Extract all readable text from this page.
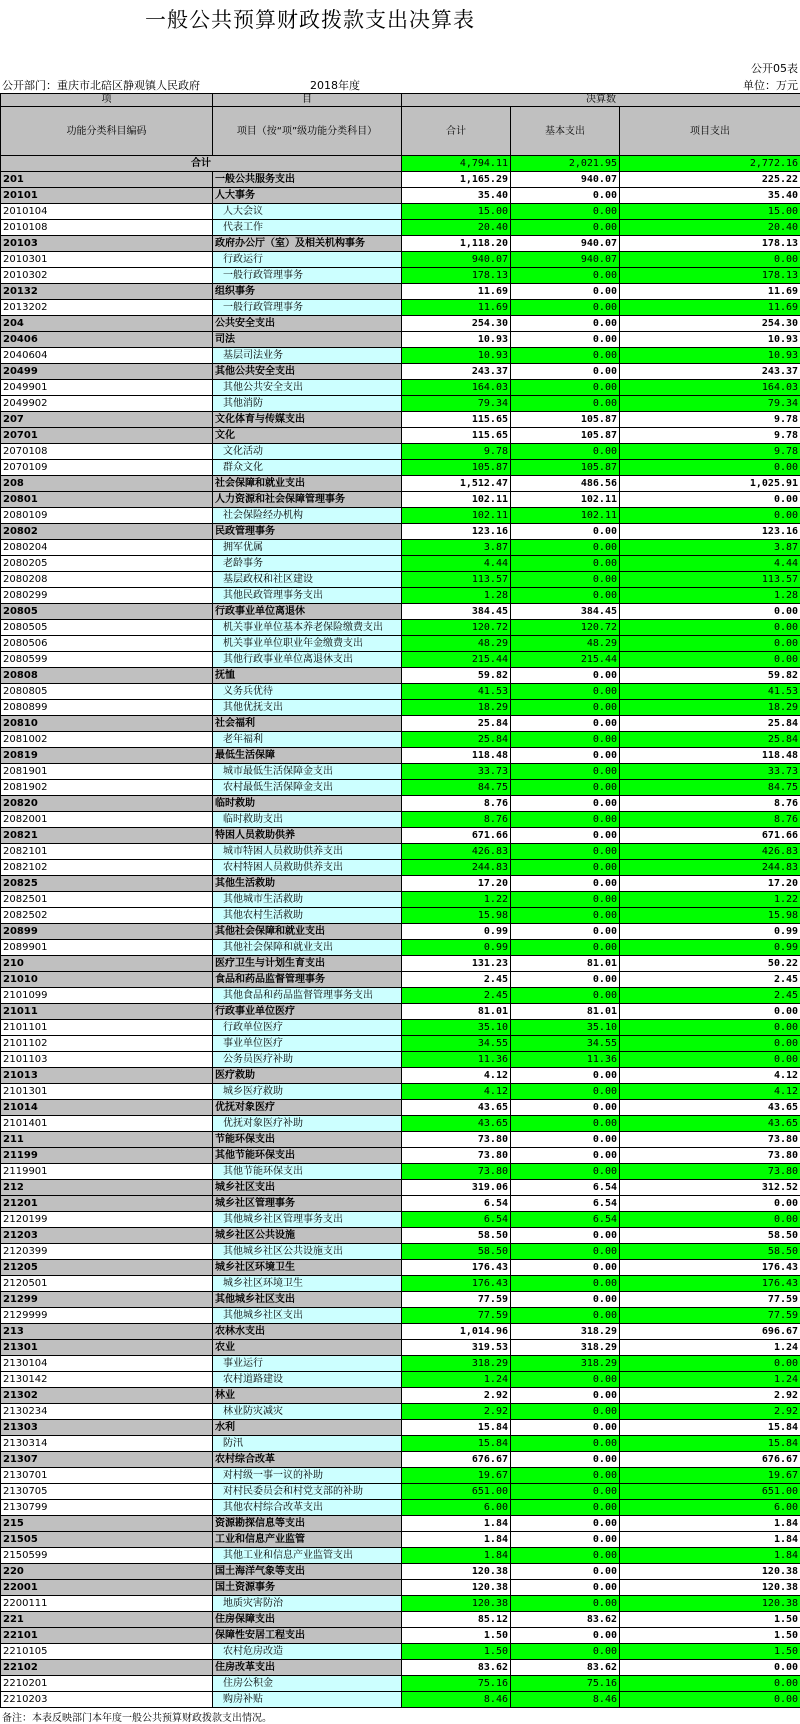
一般公共预算财政拨款支出决算表
公开05表
公开部门：重庆市北碚区静观镇人民政府	2018年度	单位：万元
项	目	决算数		
功能分类科目编码	项目（按“项”级功能分类科目）	合计	基本支出	项目支出
合计		4,794.11	2,021.95	2,772.16
201	一般公共服务支出	1,165.29	940.07	225.22
20101	人大事务	35.40	0.00	35.40
2010104	人大会议	15.00	0.00	15.00
2010108	代表工作	20.40	0.00	20.40
20103	政府办公厅（室）及相关机构事务	1,118.20	940.07	178.13
2010301	行政运行	940.07	940.07	0.00
2010302	一般行政管理事务	178.13	0.00	178.13
20132	组织事务	11.69	0.00	11.69
2013202	一般行政管理事务	11.69	0.00	11.69
204	公共安全支出	254.30	0.00	254.30
20406	司法	10.93	0.00	10.93
2040604	基层司法业务	10.93	0.00	10.93
20499	其他公共安全支出	243.37	0.00	243.37
2049901	其他公共安全支出	164.03	0.00	164.03
2049902	其他消防	79.34	0.00	79.34
207	文化体育与传媒支出	115.65	105.87	9.78
20701	文化	115.65	105.87	9.78
2070108	文化活动	9.78	0.00	9.78
2070109	群众文化	105.87	105.87	0.00
208	社会保障和就业支出	1,512.47	486.56	1,025.91
20801	人力资源和社会保障管理事务	102.11	102.11	0.00
2080109	社会保险经办机构	102.11	102.11	0.00
20802	民政管理事务	123.16	0.00	123.16
2080204	拥军优属	3.87	0.00	3.87
2080205	老龄事务	4.44	0.00	4.44
2080208	基层政权和社区建设	113.57	0.00	113.57
2080299	其他民政管理事务支出	1.28	0.00	1.28
20805	行政事业单位离退休	384.45	384.45	0.00
2080505	机关事业单位基本养老保险缴费支出	120.72	120.72	0.00
2080506	机关事业单位职业年金缴费支出	48.29	48.29	0.00
2080599	其他行政事业单位离退休支出	215.44	215.44	0.00
20808	抚恤	59.82	0.00	59.82
2080805	义务兵优待	41.53	0.00	41.53
2080899	其他优抚支出	18.29	0.00	18.29
20810	社会福利	25.84	0.00	25.84
2081002	老年福利	25.84	0.00	25.84
20819	最低生活保障	118.48	0.00	118.48
2081901	城市最低生活保障金支出	33.73	0.00	33.73
2081902	农村最低生活保障金支出	84.75	0.00	84.75
20820	临时救助	8.76	0.00	8.76
2082001	临时救助支出	8.76	0.00	8.76
20821	特困人员救助供养	671.66	0.00	671.66
2082101	城市特困人员救助供养支出	426.83	0.00	426.83
2082102	农村特困人员救助供养支出	244.83	0.00	244.83
20825	其他生活救助	17.20	0.00	17.20
2082501	其他城市生活救助	1.22	0.00	1.22
2082502	其他农村生活救助	15.98	0.00	15.98
20899	其他社会保障和就业支出	0.99	0.00	0.99
2089901	其他社会保障和就业支出	0.99	0.00	0.99
210	医疗卫生与计划生育支出	131.23	81.01	50.22
21010	食品和药品监督管理事务	2.45	0.00	2.45
2101099	其他食品和药品监督管理事务支出	2.45	0.00	2.45
21011	行政事业单位医疗	81.01	81.01	0.00
2101101	行政单位医疗	35.10	35.10	0.00
2101102	事业单位医疗	34.55	34.55	0.00
2101103	公务员医疗补助	11.36	11.36	0.00
21013	医疗救助	4.12	0.00	4.12
2101301	城乡医疗救助	4.12	0.00	4.12
21014	优抚对象医疗	43.65	0.00	43.65
2101401	优抚对象医疗补助	43.65	0.00	43.65
211	节能环保支出	73.80	0.00	73.80
21199	其他节能环保支出	73.80	0.00	73.80
2119901	其他节能环保支出	73.80	0.00	73.80
212	城乡社区支出	319.06	6.54	312.52
21201	城乡社区管理事务	6.54	6.54	0.00
2120199	其他城乡社区管理事务支出	6.54	6.54	0.00
21203	城乡社区公共设施	58.50	0.00	58.50
2120399	其他城乡社区公共设施支出	58.50	0.00	58.50
21205	城乡社区环境卫生	176.43	0.00	176.43
2120501	城乡社区环境卫生	176.43	0.00	176.43
21299	其他城乡社区支出	77.59	0.00	77.59
2129999	其他城乡社区支出	77.59	0.00	77.59
213	农林水支出	1,014.96	318.29	696.67
21301	农业	319.53	318.29	1.24
2130104	事业运行	318.29	318.29	0.00
2130142	农村道路建设	1.24	0.00	1.24
21302	林业	2.92	0.00	2.92
2130234	林业防灾减灾	2.92	0.00	2.92
21303	水利	15.84	0.00	15.84
2130314	防汛	15.84	0.00	15.84
21307	农村综合改革	676.67	0.00	676.67
2130701	对村级一事一议的补助	19.67	0.00	19.67
2130705	对村民委员会和村党支部的补助	651.00	0.00	651.00
2130799	其他农村综合改革支出	6.00	0.00	6.00
215	资源勘探信息等支出	1.84	0.00	1.84
21505	工业和信息产业监管	1.84	0.00	1.84
2150599	其他工业和信息产业监管支出	1.84	0.00	1.84
220	国土海洋气象等支出	120.38	0.00	120.38
22001	国土资源事务	120.38	0.00	120.38
2200111	地质灾害防治	120.38	0.00	120.38
221	住房保障支出	85.12	83.62	1.50
22101	保障性安居工程支出	1.50	0.00	1.50
2210105	农村危房改造	1.50	0.00	1.50
22102	住房改革支出	83.62	83.62	0.00
2210201	住房公积金	75.16	75.16	0.00
2210203	购房补贴	8.46	8.46	0.00
备注：本表反映部门本年度一般公共预算财政拨款支出情况。
